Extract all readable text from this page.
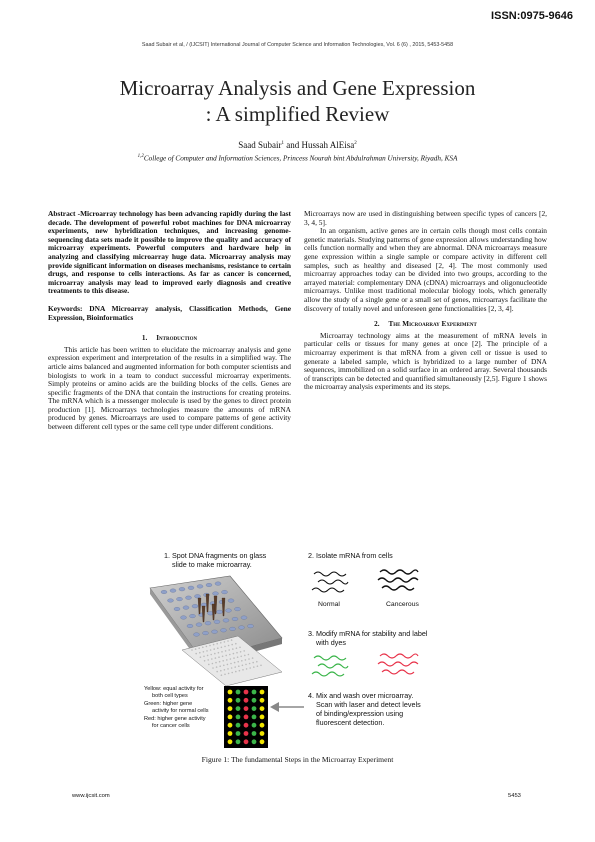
ISSN:0975-9646
Saad Subair et al, / (IJCSIT) International Journal of Computer Science and Information Technologies, Vol. 6 (6) , 2015, 5453-5458
Microarray Analysis and Gene Expression
: A simplified Review
Saad Subair$^1$ and Hussah AlEisa$^2$
$^{1,2}$College of Computer and Information Sciences, Princess Nourah bint Abdulrahman University, Riyadh, KSA

Abstract -Microarray technology has been advancing rapidly during the last decade. The development of powerful robot machines for DNA microarray experiments, new hybridization techniques, and increasing genome-sequencing data sets made it possible to improve the quality and accuracy of microarray experiments. Powerful computers and hardware help in analyzing and classifying microarray huge data. Microarray analysis may provide significant information on diseases mechanisms, resistance to certain drugs, and response to cells interactions. As far as cancer is concerned, microarray analysis may lead to improved early diagnosis and creative treatments to this disease.

Keywords: DNA Microarray analysis, Classification Methods, Gene Expression, Bioinformatics

1. Introduction

This article has been written to elucidate the microarray analysis and gene expression experiment and interpretation of the results in a simplified way. The article aims balanced and augmented information for both computer scientists and biologists to work in a team to conduct successful microarray experiments. Simply proteins or amino acids are the building blocks of the cells. Genes are specific fragments of the DNA that contain the instructions for creating proteins. The mRNA which is a messenger molecule is used by the genes to direct protein production [1]. Microarrays technologies measure the amounts of mRNA produced by genes. Microarrays are used to compare patterns of gene activity between different cell types or the same cell type under different conditions.

Microarrays now are used in distinguishing between specific types of cancers [2, 3, 4, 5].

In an organism, active genes are in certain cells though most cells contain genetic materials. Studying patterns of gene expression allows understanding how cells function normally and when they are abnormal. DNA microarrays measure gene expression within a single sample or compare activity in different cell samples, such as healthy and diseased [2, 4]. The most commonly used microarray approaches today can be divided into two groups, according to the arrayed material: complementary DNA (cDNA) microarrays and oligonucleotide microarrays. Unlike most traditional molecular biology tools, which generally allow the study of a single gene or a small set of genes, microarrays facilitate the discovery of totally novel and unforeseen gene functionalities [2, 3, 4].

2. The Microarray Experiment

Microarray technology aims at the measurement of mRNA levels in particular cells or tissues for many genes at once [2]. The principle of a microarray experiment is that mRNA from a given cell or tissue is used to generate a labeled sample, which is hybridized to a large number of DNA sequences, immobilized on a solid surface in an ordered array. Several thousands of transcripts can be detected and quantified simultaneously [2,5]. Figure 1 shows the microarray analysis experiments and its steps.

1. Spot DNA fragments on glass
slide to make microarray.
Yellow: equal activity for
both cell types
Green: higher gene
activity for normal cells
Red: higher gene activity
for cancer cells
2. Isolate mRNA from cells
Normal	Cancerous
3. Modify mRNA for stability and label
with dyes
4. Mix and wash over microarray.
Scan with laser and detect levels
of binding/expression using
fluorescent detection.
Figure 1: The fundamental Steps in the Microarray Experiment
www.ijcsit.com	5453
